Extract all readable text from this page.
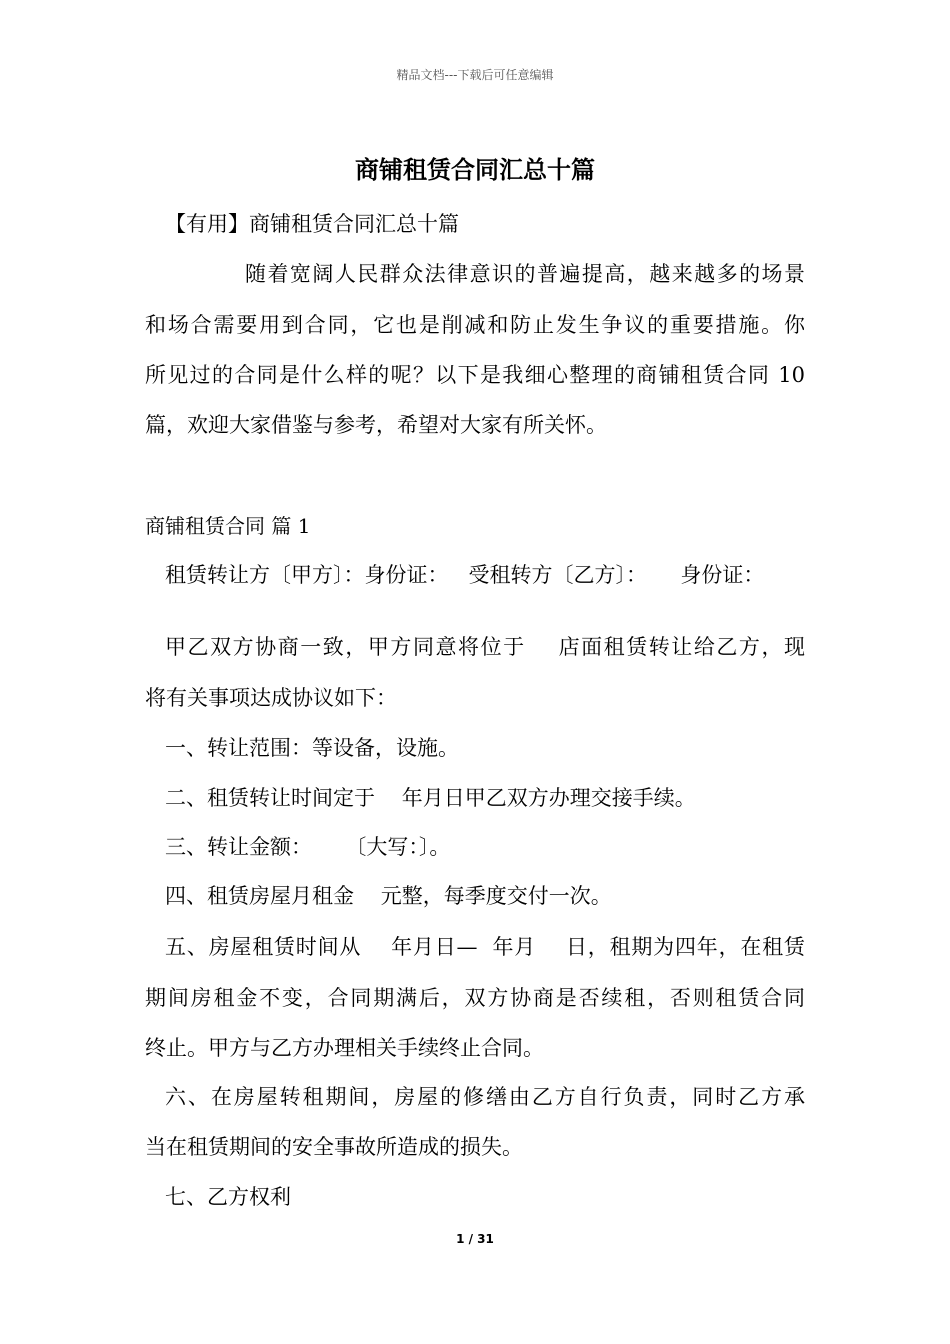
精品文档---下载后可任意编辑
商铺租赁合同汇总十篇
【有用】商铺租赁合同汇总十篇
随着宽阔人民群众法律意识的普遍提高，越来越多的场景
和场合需要用到合同，它也是削减和防止发生争议的重要措施。你
所见过的合同是什么样的呢？以下是我细心整理的商铺租赁合同 10
篇，欢迎大家借鉴与参考，希望对大家有所关怀。
商铺租赁合同 篇 1
租赁转让方〔甲方〕：身份证：   受租转方〔乙方〕：     身份证：
甲乙双方协商一致，甲方同意将位于    店面租赁转让给乙方，现
将有关事项达成协议如下：
一、转让范围：等设备，设施。
二、租赁转让时间定于    年月日甲乙双方办理交接手续。
三、转让金额：     〔大写：〕。
四、租赁房屋月租金    元整，每季度交付一次。
五、房屋租赁时间从    年月日—  年月    日，租期为四年，在租赁
期间房租金不变，合同期满后，双方协商是否续租，否则租赁合同
终止。甲方与乙方办理相关手续终止合同。
六、在房屋转租期间，房屋的修缮由乙方自行负责，同时乙方承
当在租赁期间的安全事故所造成的损失。
七、乙方权利
1 / 31
